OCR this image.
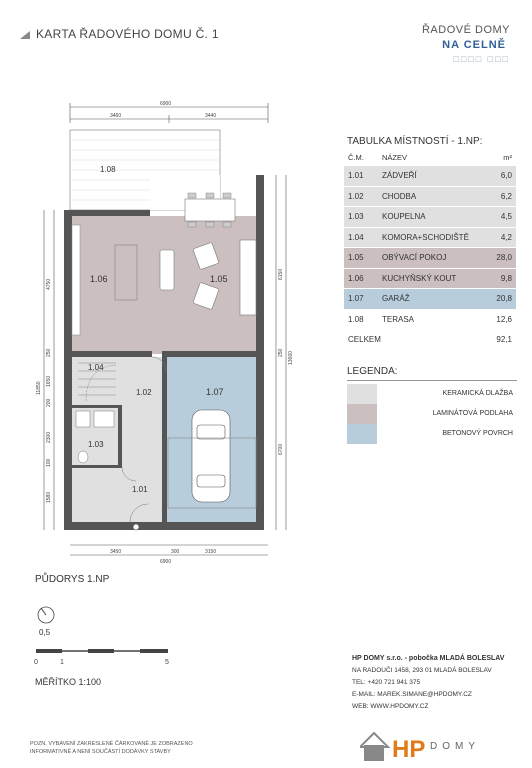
KARTA ŘADOVÉHO DOMU Č. 1	ŘADOVÉ DOMY
NA CELNĚ
□□□□ □□□
6900
3460	3440
1.08
1.06	1.05
1.04
1.02
1.03
1.01
1.07
3450	300	3150
6900
4750
250
1650
200
2300
100
1580
11850
6150
250
6700
13660
TABULKA MÍSTNOSTÍ - 1.NP:
Č.M.	NÁZEV	m²
1.01	ZÁDVEŘÍ	6,0
1.02	CHODBA	6,2
1.03	KOUPELNA	4,5
1.04	KOMORA+SCHODIŠTĚ	4,2
1.05	OBÝVACÍ POKOJ	28,0
1.06	KUCHYŇSKÝ KOUT	9,8
1.07	GARÁŽ	20,8
1.08	TERASA	12,6
CELKEM		92,1
LEGENDA:
KERAMICKÁ DLAŽBA
LAMINÁTOVÁ PODLAHA
BETONOVÝ POVRCH
PŮDORYS 1.NP
0,5
0	1	5
MĚŘÍTKO 1:100
HP DOMY s.r.o. - pobočka MLADÁ BOLESLAV
NA RADOUČI 1458, 293 01 MLADÁ BOLESLAV
TEL: +420 721 941 375
E-MAIL: MAREK.SIMANE@HPDOMY.CZ
WEB: WWW.HPDOMY.CZ
POZN. VYBAVENÍ ZAKRESLENÉ ČÁRKOVANĚ JE ZOBRAZENO INFORMATIVNĚ A NENÍ SOUČÁSTÍ DODÁVKY STAVBY	HP DOMY
